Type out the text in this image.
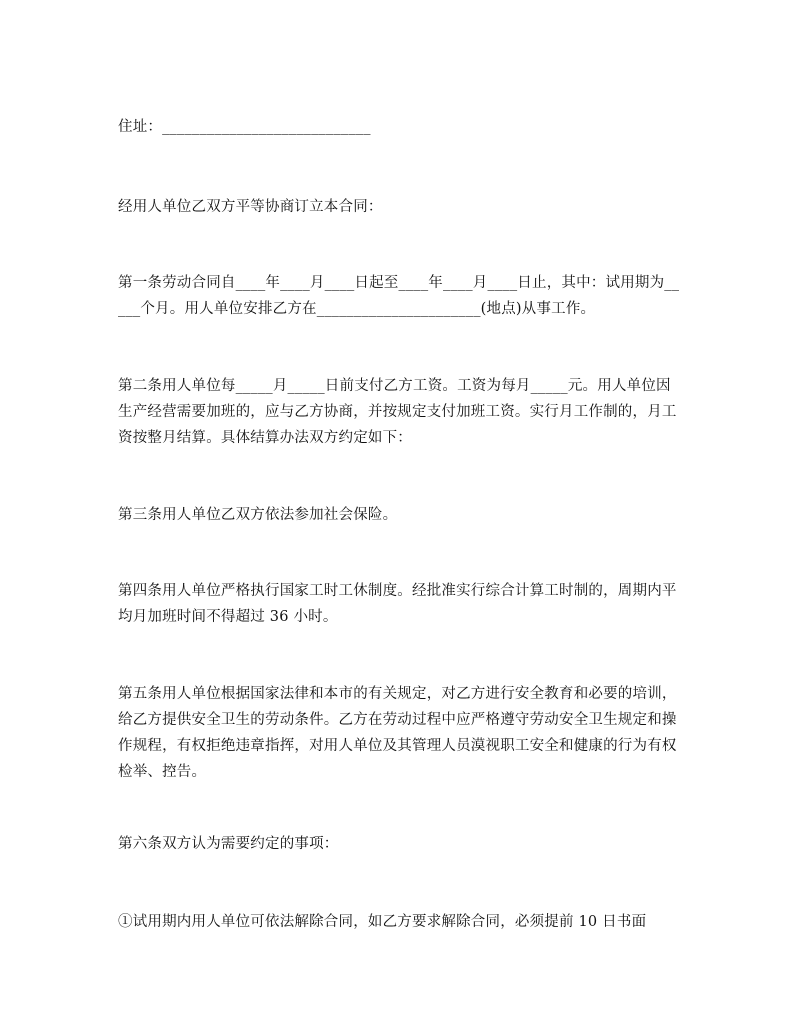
住址：____________________________

经用人单位乙双方平等协商订立本合同：

第一条劳动合同自____年____月____日起至____年____月____日止，其中：试用期为_____个月。用人单位安排乙方在______________________(地点)从事工作。

第二条用人单位每_____月_____日前支付乙方工资。工资为每月_____元。用人单位因生产经营需要加班的，应与乙方协商，并按规定支付加班工资。实行月工作制的，月工资按整月结算。具体结算办法双方约定如下：

第三条用人单位乙双方依法参加社会保险。

第四条用人单位严格执行国家工时工休制度。经批准实行综合计算工时制的，周期内平均月加班时间不得超过 36 小时。

第五条用人单位根据国家法律和本市的有关规定，对乙方进行安全教育和必要的培训，给乙方提供安全卫生的劳动条件。乙方在劳动过程中应严格遵守劳动安全卫生规定和操作规程，有权拒绝违章指挥，对用人单位及其管理人员漠视职工安全和健康的行为有权检举、控告。

第六条双方认为需要约定的事项：

①试用期内用人单位可依法解除合同，如乙方要求解除合同，必须提前 10 日书面
